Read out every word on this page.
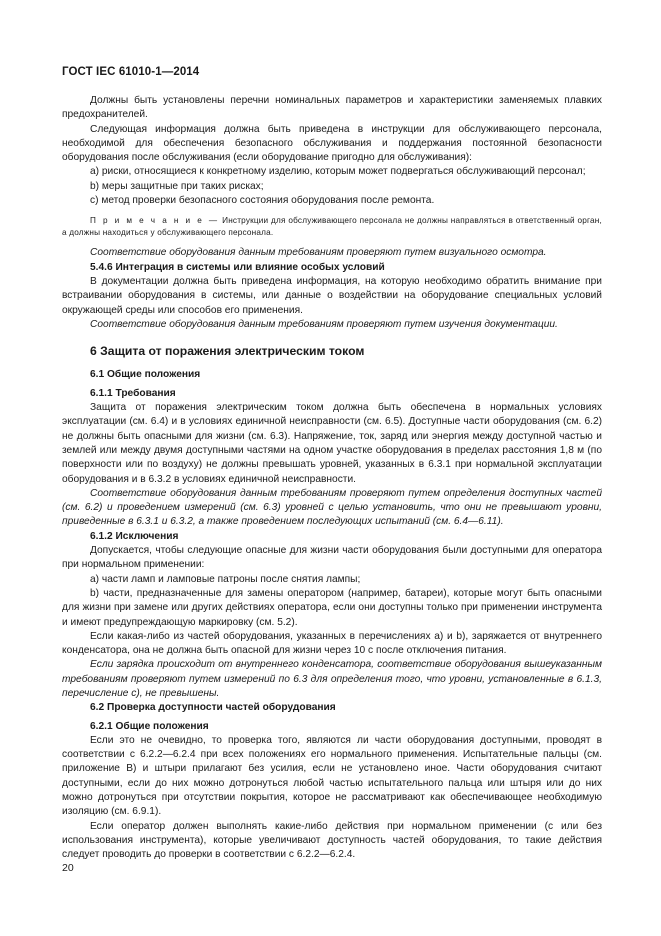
ГОСТ IEC 61010-1—2014

Должны быть установлены перечни номинальных параметров и характеристики заменяемых плавких предохранителей.

Следующая информация должна быть приведена в инструкции для обслуживающего персонала, необходимой для обеспечения безопасного обслуживания и поддержания постоянной безопасности оборудования после обслуживания (если оборудование пригодно для обслуживания):

a) риски, относящиеся к конкретному изделию, которым может подвергаться обслуживающий персонал;

b) меры защитные при таких рисках;

c) метод проверки безопасного состояния оборудования после ремонта.

П р и м е ч а н и е — Инструкции для обслуживающего персонала не должны направляться в ответственный орган, а должны находиться у обслуживающего персонала.

Соответствие оборудования данным требованиям проверяют путем визуального осмотра.

5.4.6 Интеграция в системы или влияние особых условий

В документации должна быть приведена информация, на которую необходимо обратить внимание при встраивании оборудования в системы, или данные о воздействии на оборудование специальных условий окружающей среды или способов его применения.

Соответствие оборудования данным требованиям проверяют путем изучения документации.

6 Защита от поражения электрическим током

6.1 Общие положения

6.1.1 Требования

Защита от поражения электрическим током должна быть обеспечена в нормальных условиях эксплуатации (см. 6.4) и в условиях единичной неисправности (см. 6.5). Доступные части оборудования (см. 6.2) не должны быть опасными для жизни (см. 6.3). Напряжение, ток, заряд или энергия между доступной частью и землей или между двумя доступными частями на одном участке оборудования в пределах расстояния 1,8 м (по поверхности или по воздуху) не должны превышать уровней, указанных в 6.3.1 при нормальной эксплуатации оборудования и в 6.3.2 в условиях единичной неисправности.

Соответствие оборудования данным требованиям проверяют путем определения доступных частей (см. 6.2) и проведением измерений (см. 6.3) уровней с целью установить, что они не превышают уровни, приведенные в 6.3.1 и 6.3.2, а также проведением последующих испытаний (см. 6.4—6.11).

6.1.2 Исключения

Допускается, чтобы следующие опасные для жизни части оборудования были доступными для оператора при нормальном применении:

a) части ламп и ламповые патроны после снятия лампы;

b) части, предназначенные для замены оператором (например, батареи), которые могут быть опасными для жизни при замене или других действиях оператора, если они доступны только при применении инструмента и имеют предупреждающую маркировку (см. 5.2).

Если какая-либо из частей оборудования, указанных в перечислениях a) и b), заряжается от внутреннего конденсатора, она не должна быть опасной для жизни через 10 с после отключения питания.

Если зарядка происходит от внутреннего конденсатора, соответствие оборудования вышеуказанным требованиям проверяют путем измерений по 6.3 для определения того, что уровни, установленные в 6.1.3, перечисление c), не превышены.

6.2 Проверка доступности частей оборудования

6.2.1 Общие положения

Если это не очевидно, то проверка того, являются ли части оборудования доступными, проводят в соответствии с 6.2.2—6.2.4 при всех положениях его нормального применения. Испытательные пальцы (см. приложение В) и штыри прилагают без усилия, если не установлено иное. Части оборудования считают доступными, если до них можно дотронуться любой частью испытательного пальца или штыря или до них можно дотронуться при отсутствии покрытия, которое не рассматривают как обеспечивающее необходимую изоляцию (см. 6.9.1).

Если оператор должен выполнять какие-либо действия при нормальном применении (с или без использования инструмента), которые увеличивают доступность частей оборудования, то такие действия следует проводить до проверки в соответствии с 6.2.2—6.2.4.

20
